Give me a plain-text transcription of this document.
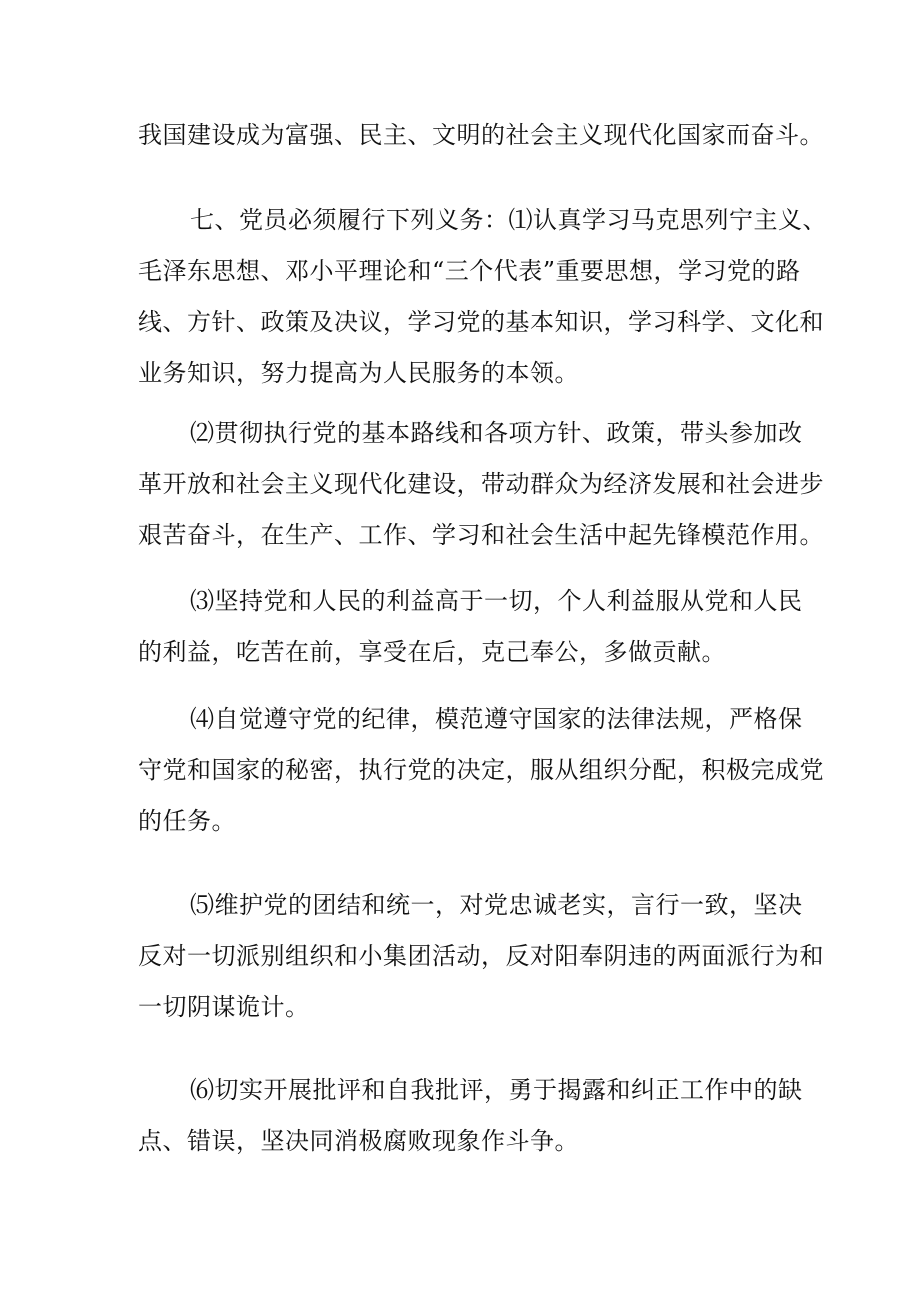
我国建设成为富强、民主、文明的社会主义现代化国家而奋斗。

七、党员必须履行下列义务：⑴认真学习马克思列宁主义、
毛泽东思想、邓小平理论和“三个代表”重要思想，学习党的路
线、方针、政策及决议，学习党的基本知识，学习科学、文化和
业务知识，努力提高为人民服务的本领。

⑵贯彻执行党的基本路线和各项方针、政策，带头参加改
革开放和社会主义现代化建设，带动群众为经济发展和社会进步
艰苦奋斗，在生产、工作、学习和社会生活中起先锋模范作用。

⑶坚持党和人民的利益高于一切，个人利益服从党和人民
的利益，吃苦在前，享受在后，克己奉公，多做贡献。

⑷自觉遵守党的纪律，模范遵守国家的法律法规，严格保
守党和国家的秘密，执行党的决定，服从组织分配，积极完成党
的任务。

⑸维护党的团结和统一，对党忠诚老实，言行一致，坚决
反对一切派别组织和小集团活动，反对阳奉阴违的两面派行为和
一切阴谋诡计。

⑹切实开展批评和自我批评，勇于揭露和纠正工作中的缺
点、错误，坚决同消极腐败现象作斗争。
